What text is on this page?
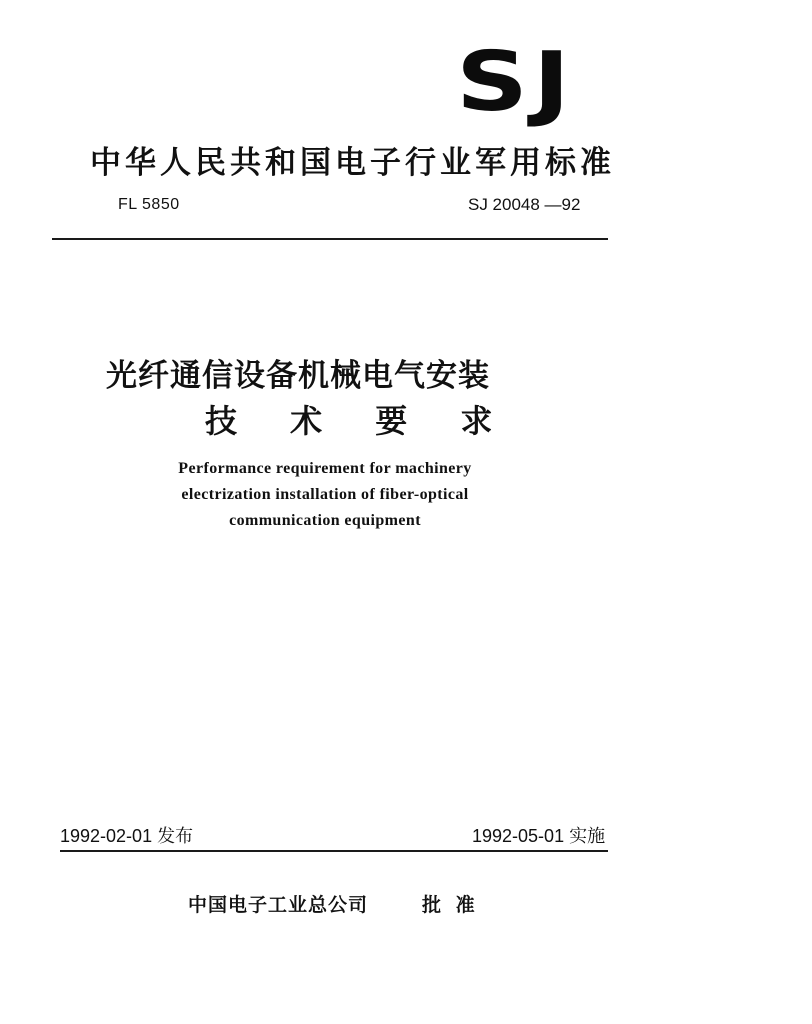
SJ
中华人民共和国电子行业军用标准
FL 5850	SJ 20048 —92
光纤通信设备机械电气安装
技 术 要 求
Performance requirement for machinery
electrization installation of fiber-optical
communication equipment
1992-02-01 发布	1992-05-01 实施
中国电子工业总公司	批 准
